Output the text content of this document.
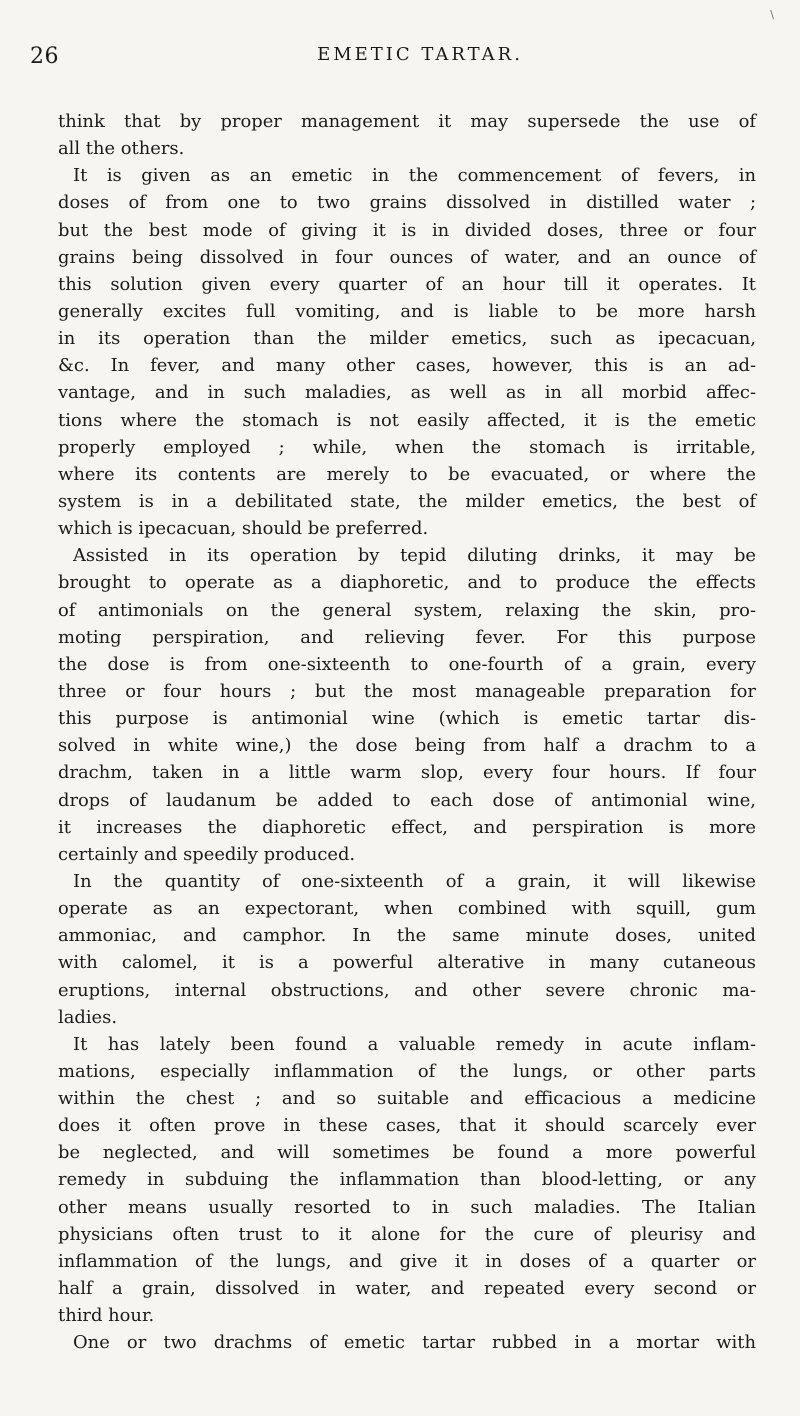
\
26	EMETIC TARTAR.
think that by proper management it may supersede the use of
all the others.
It is given as an emetic in the commencement of fevers, in
doses of from one to two grains dissolved in distilled water ;
but the best mode of giving it is in divided doses, three or four
grains being dissolved in four ounces of water, and an ounce of
this solution given every quarter of an hour till it operates. It
generally excites full vomiting, and is liable to be more harsh
in its operation than the milder emetics, such as ipecacuan,
&c. In fever, and many other cases, however, this is an ad-
vantage, and in such maladies, as well as in all morbid affec-
tions where the stomach is not easily affected, it is the emetic
properly employed ; while, when the stomach is irritable,
where its contents are merely to be evacuated, or where the
system is in a debilitated state, the milder emetics, the best of
which is ipecacuan, should be preferred.
Assisted in its operation by tepid diluting drinks, it may be
brought to operate as a diaphoretic, and to produce the effects
of antimonials on the general system, relaxing the skin, pro-
moting perspiration, and relieving fever. For this purpose
the dose is from one-sixteenth to one-fourth of a grain, every
three or four hours ; but the most manageable preparation for
this purpose is antimonial wine (which is emetic tartar dis-
solved in white wine,) the dose being from half a drachm to a
drachm, taken in a little warm slop, every four hours. If four
drops of laudanum be added to each dose of antimonial wine,
it increases the diaphoretic effect, and perspiration is more
certainly and speedily produced.
In the quantity of one-sixteenth of a grain, it will likewise
operate as an expectorant, when combined with squill, gum
ammoniac, and camphor. In the same minute doses, united
with calomel, it is a powerful alterative in many cutaneous
eruptions, internal obstructions, and other severe chronic ma-
ladies.
It has lately been found a valuable remedy in acute inflam-
mations, especially inflammation of the lungs, or other parts
within the chest ; and so suitable and efficacious a medicine
does it often prove in these cases, that it should scarcely ever
be neglected, and will sometimes be found a more powerful
remedy in subduing the inflammation than blood-letting, or any
other means usually resorted to in such maladies. The Italian
physicians often trust to it alone for the cure of pleurisy and
inflammation of the lungs, and give it in doses of a quarter or
half a grain, dissolved in water, and repeated every second or
third hour.
One or two drachms of emetic tartar rubbed in a mortar with
